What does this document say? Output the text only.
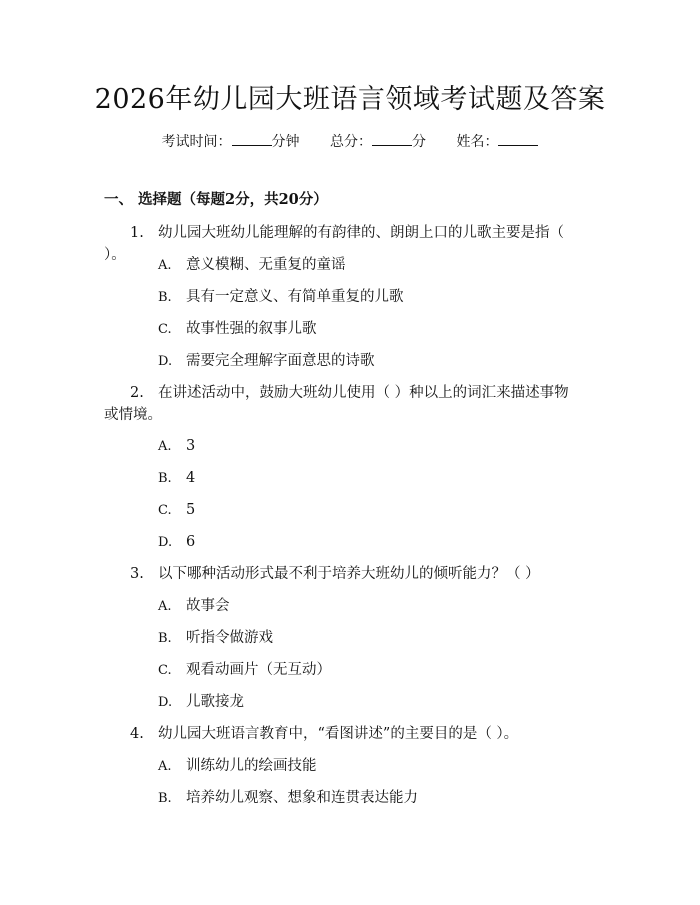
2026年幼儿园大班语言领域考试题及答案
考试时间：	分钟 总分：	分 姓名：
一、 选择题（每题2分，共20分）
1. 幼儿园大班幼儿能理解的有韵律的、朗朗上口的儿歌主要是指（ ）。
A. 意义模糊、无重复的童谣
B. 具有一定意义、有简单重复的儿歌
C. 故事性强的叙事儿歌
D. 需要完全理解字面意思的诗歌
2. 在讲述活动中，鼓励大班幼儿使用（ ）种以上的词汇来描述事物或情境。
A. 3
B. 4
C. 5
D. 6
3. 以下哪种活动形式最不利于培养大班幼儿的倾听能力？（ ）
A. 故事会
B. 听指令做游戏
C. 观看动画片（无互动）
D. 儿歌接龙
4. 幼儿园大班语言教育中，“看图讲述”的主要目的是（ ）。
A. 训练幼儿的绘画技能
B. 培养幼儿观察、想象和连贯表达能力
